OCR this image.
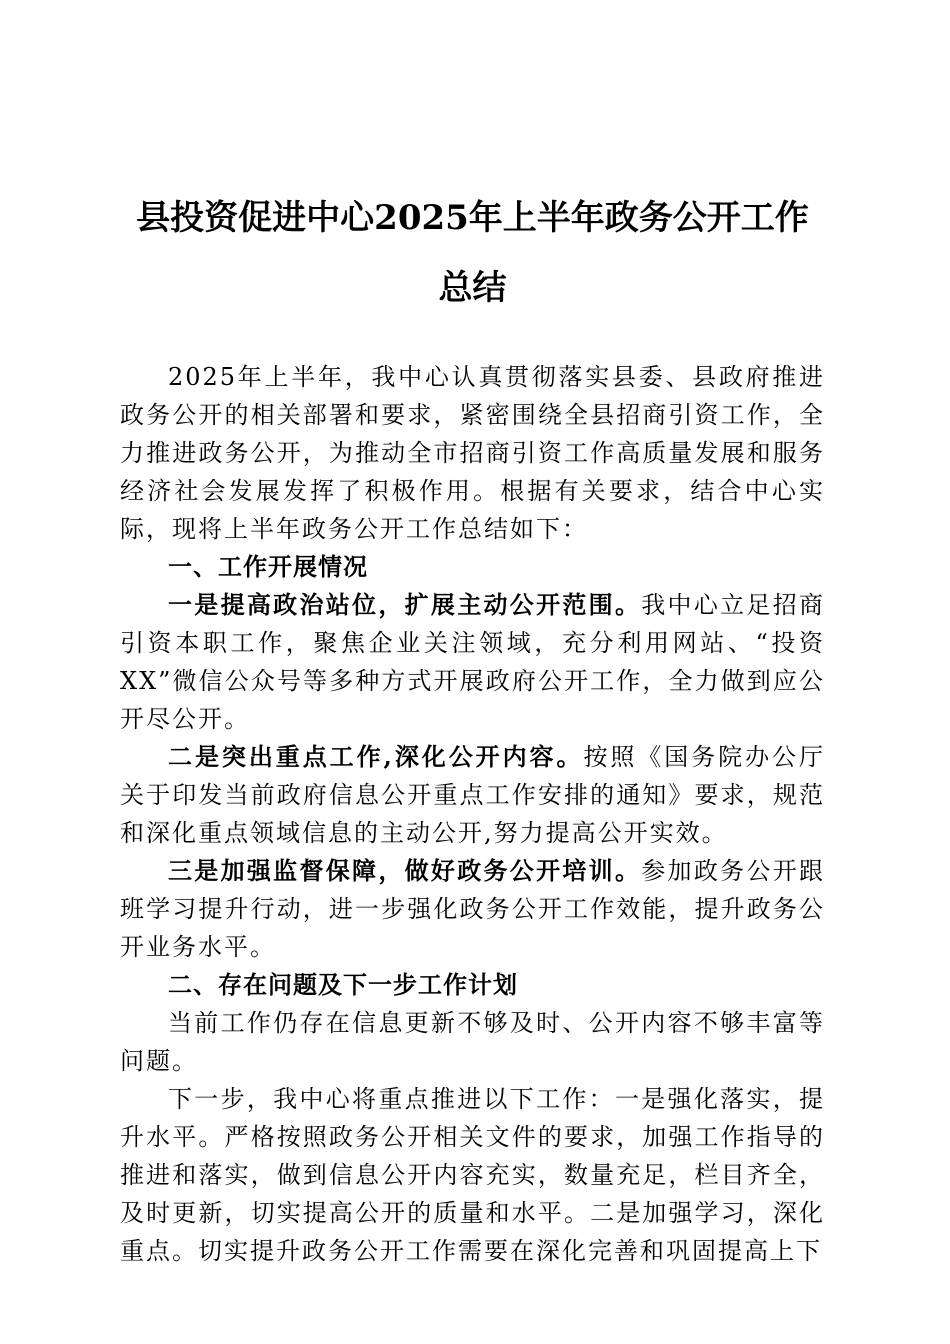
县投资促进中心2025年上半年政务公开工作
总结

2025年上半年，我中心认真贯彻落实县委、县政府推进政务公开的相关部署和要求，紧密围绕全县招商引资工作，全力推进政务公开，为推动全市招商引资工作高质量发展和服务经济社会发展发挥了积极作用。根据有关要求，结合中心实际，现将上半年政务公开工作总结如下：

一、工作开展情况

一是提高政治站位，扩展主动公开范围。我中心立足招商引资本职工作，聚焦企业关注领域，充分利用网站、“投资XX”微信公众号等多种方式开展政府公开工作，全力做到应公开尽公开。

二是突出重点工作,深化公开内容。按照《国务院办公厅关于印发当前政府信息公开重点工作安排的通知》要求，规范和深化重点领域信息的主动公开,努力提高公开实效。

三是加强监督保障，做好政务公开培训。参加政务公开跟班学习提升行动，进一步强化政务公开工作效能，提升政务公开业务水平。

二、存在问题及下一步工作计划

当前工作仍存在信息更新不够及时、公开内容不够丰富等问题。

下一步，我中心将重点推进以下工作：一是强化落实，提升水平。严格按照政务公开相关文件的要求，加强工作指导的推进和落实，做到信息公开内容充实，数量充足，栏目齐全，及时更新，切实提高公开的质量和水平。二是加强学习，深化重点。切实提升政务公开工作需要在深化完善和巩固提高上下
